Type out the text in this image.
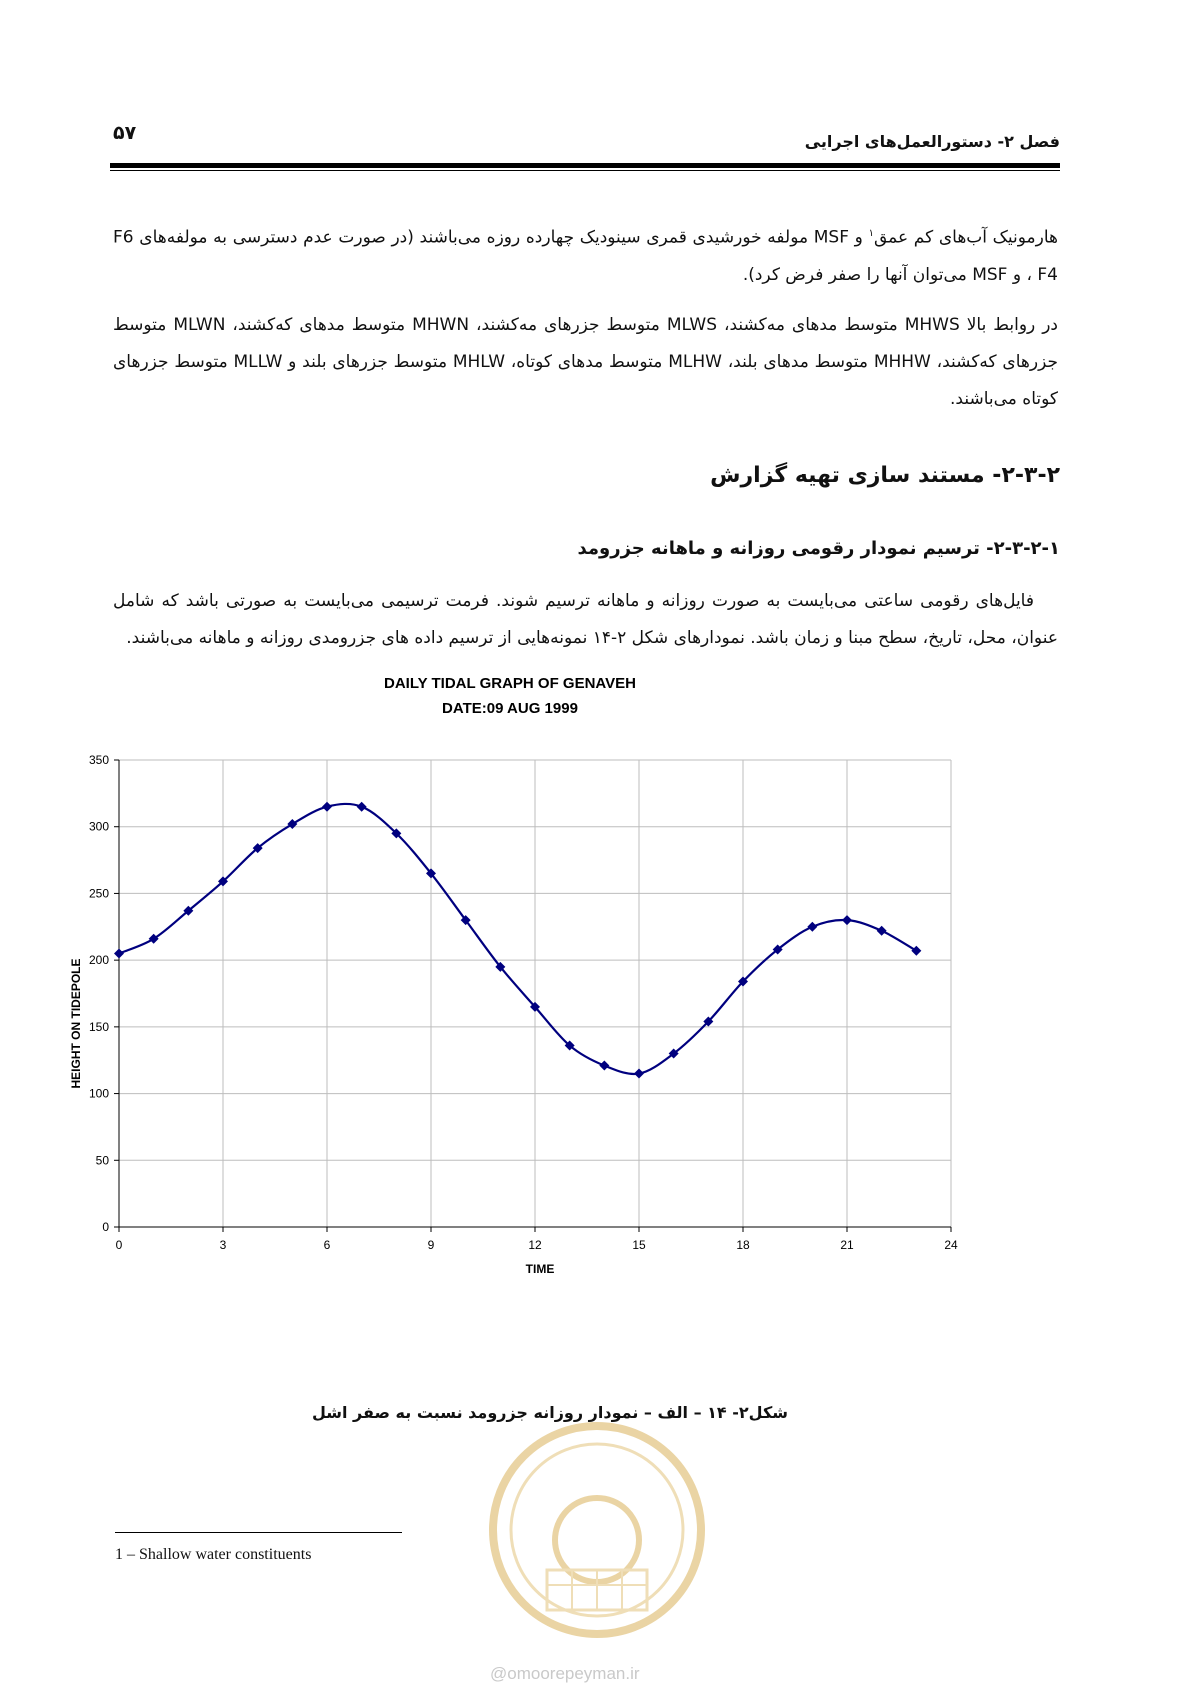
۵۷	فصل ۲- دستورالعمل‌های اجرایی

هارمونیک آب‌های کم عمق$^۱$ و MSF مولفه خورشیدی قمری سینودیک چهارده روزه می‌باشند (در صورت عدم دسترسی به مولفه‌های F6 ، F4 و MSF می‌توان آنها را صفر فرض کرد).

در روابط بالا MHWS متوسط مدهای مه‌کشند، MLWS متوسط جزرهای مه‌کشند، MHWN متوسط مدهای که‌کشند، MLWN متوسط جزرهای که‌کشند، MHHW متوسط مدهای بلند، MLHW متوسط مدهای کوتاه، MHLW متوسط جزرهای بلند و MLLW متوسط جزرهای کوتاه می‌باشند.

۲-۳-۲- مستند سازی تهیه گزارش
۲-۳-۲-۱- ترسیم نمودار رقومی روزانه و ماهانه جزرومد

فایل‌های رقومی ساعتی می‌بایست به صورت روزانه و ماهانه ترسیم شوند. فرمت ترسیمی می‌بایست به صورتی باشد که شامل عنوان، محل، تاریخ، سطح مبنا و زمان باشد. نمودارهای شکل ۲-۱۴ نمونه‌هایی از ترسیم داده های جزرومدی روزانه و ماهانه می‌باشند.

DAILY TIDAL GRAPH OF GENAVEH
DATE:09 AUG 1999
0
50
100
150
200
250
300
350
0	3	6	9	12	15	18	21	24
TIME
HEIGHT ON TIDEPOLE
شکل۲- ۱۴ – الف – نمودار روزانه جزرومد نسبت به صفر اشل
1 – Shallow water constituents
@omoorepeyman.ir
